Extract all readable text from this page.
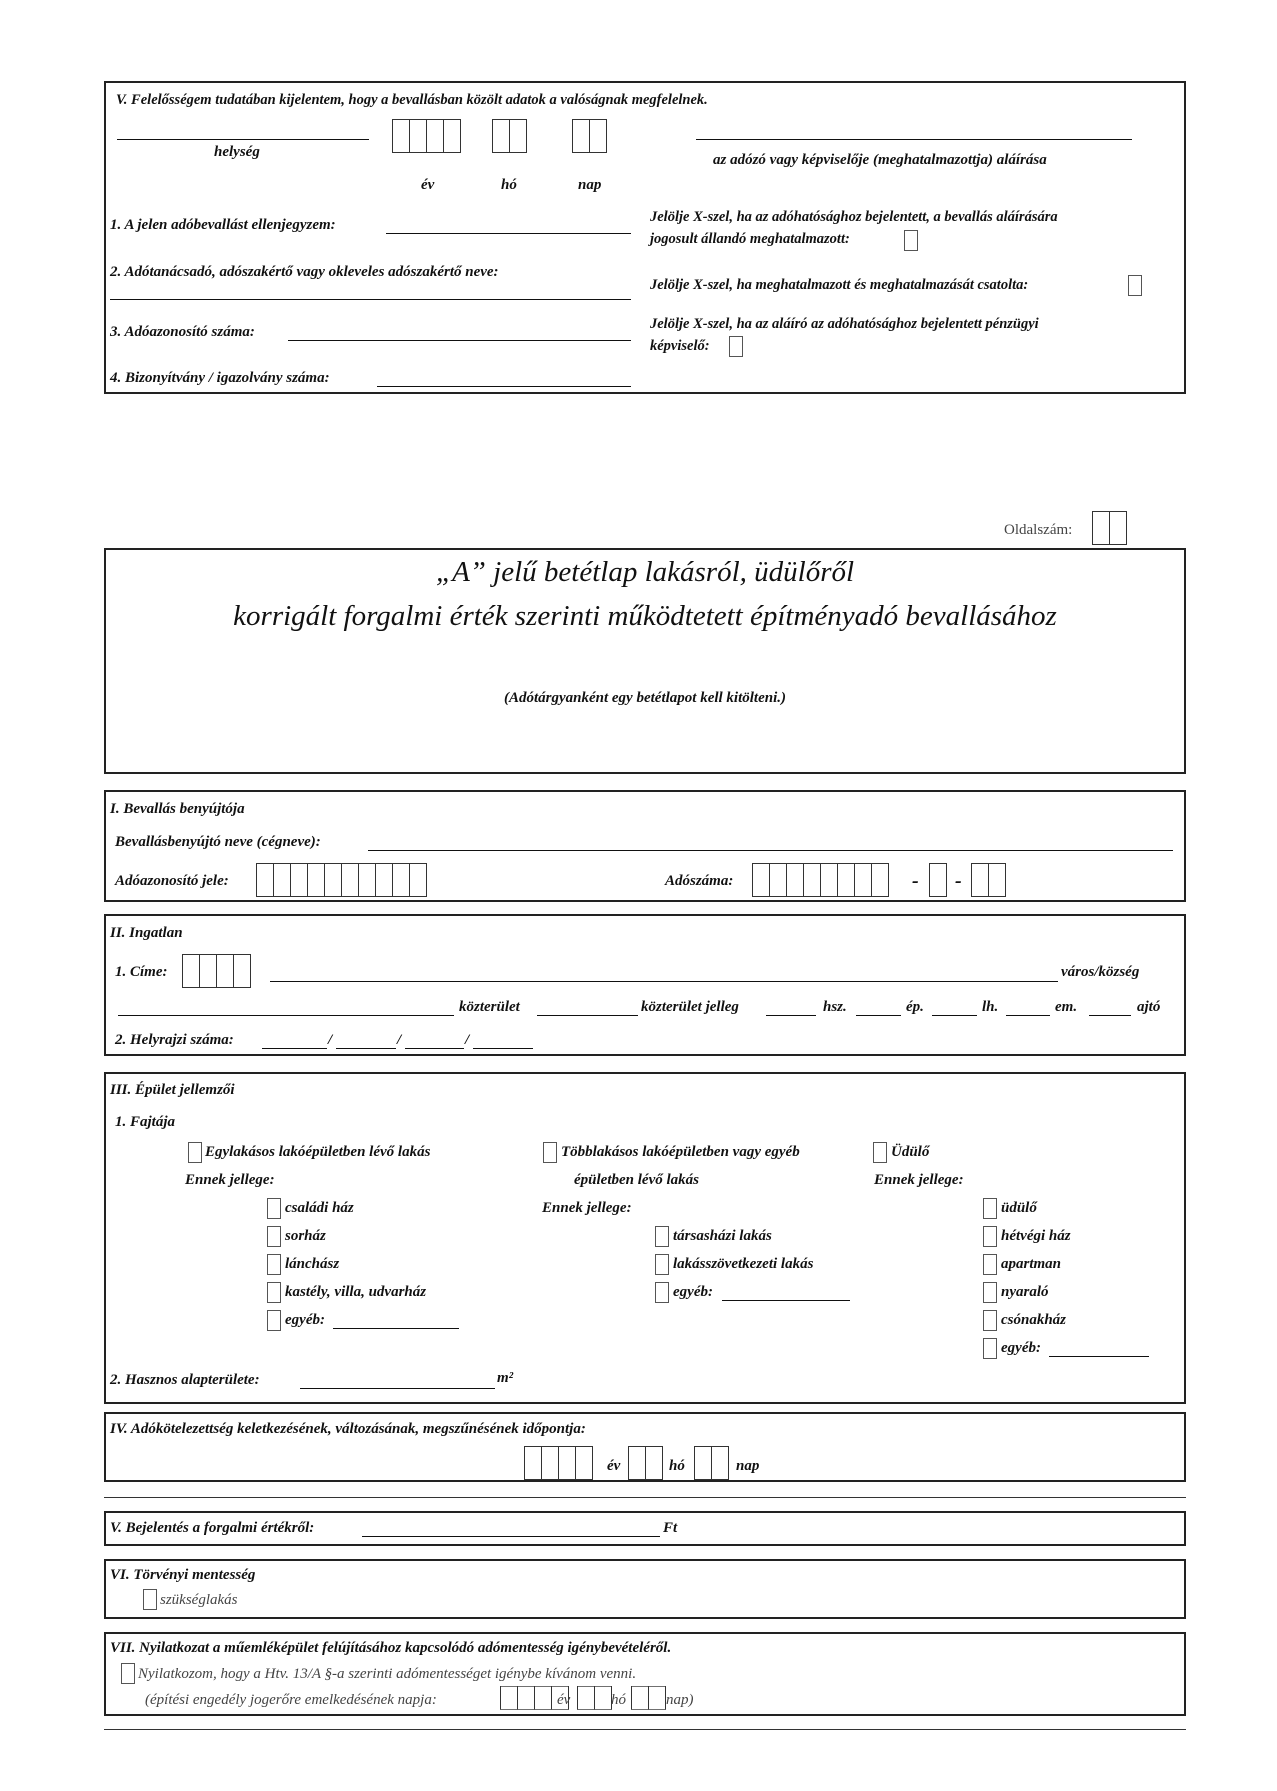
V. Felelősségem tudatában kijelentem, hogy a bevallásban közölt adatok a valóságnak megfelelnek.
helység
év	hó	nap
az adózó vagy képviselője (meghatalmazottja) aláírása
1. A jelen adóbevallást ellenjegyzem:
2. Adótanácsadó, adószakértő vagy okleveles adószakértő neve:
3. Adóazonosító száma:
4. Bizonyítvány / igazolvány száma:
Jelölje X-szel, ha az adóhatósághoz bejelentett, a bevallás aláírására
jogosult állandó meghatalmazott:
Jelölje X-szel, ha meghatalmazott és meghatalmazását csatolta:
Jelölje X-szel, ha az aláíró az adóhatósághoz bejelentett pénzügyi
képviselő:
Oldalszám:
„A” jelű betétlap lakásról, üdülőről
korrigált forgalmi érték szerinti működtetett építményadó bevallásához
(Adótárgyanként egy betétlapot kell kitölteni.)
I. Bevallás benyújtója
Bevallásbenyújtó neve (cégneve):
Adóazonosító jele:	Adószáma:	- -
II. Ingatlan
1. Címe:	város/község
közterület	közterület jelleg	hsz.	ép.	lh.	em.	ajtó
2. Helyrajzi száma:	/	/	/
III. Épület jellemzői
1. Fajtája
Egylakásos lakóépületben lévő lakás
Ennek jellege:
családi ház
sorház
lánchász
kastély, villa, udvarház
egyéb:
Többlakásos lakóépületben vagy egyéb
épületben lévő lakás
Ennek jellege:
társasházi lakás
lakásszövetkezeti lakás
egyéb:
Üdülő
Ennek jellege:
üdülő
hétvégi ház
apartman
nyaraló
csónakház
egyéb:
2. Hasznos alapterülete:	m²
IV. Adókötelezettség keletkezésének, változásának, megszűnésének időpontja:
év	hó	nap
V. Bejelentés a forgalmi értékről:	Ft
VI. Törvényi mentesség
szükséglakás
VII. Nyilatkozat a műemléképület felújításához kapcsolódó adómentesség igénybevételéről.
Nyilatkozom, hogy a Htv. 13/A §-a szerinti adómentességet igénybe kívánom venni.
(építési engedély jogerőre emelkedésének napja:	év	hó	nap)
